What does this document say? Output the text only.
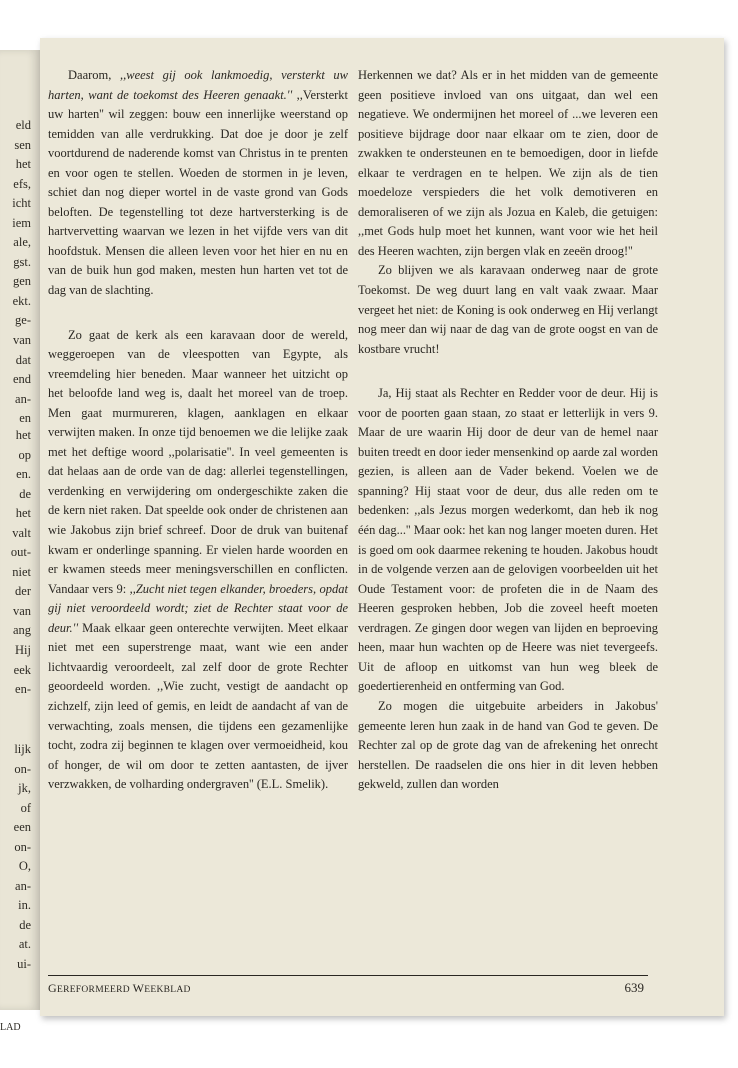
eld
sen
het
efs,
icht
iem
ale,
gst.
gen
ekt.
ge-
van
dat
end
an-
en
het
op
en.
de
het
valt
out-
niet
der
van
ang
Hij
eek
en-
lijk
on-
jk,
of
een
on-
O,
an-
in.
de
at.
ui-
LAD

Daarom, ,,weest gij ook lankmoedig, versterkt uw harten, want de toekomst des Heeren genaakt.'' ,,Versterkt uw harten'' wil zeggen: bouw een innerlijke weerstand op temidden van alle verdrukking. Dat doe je door je zelf voortdurend de naderende komst van Christus in te prenten en voor ogen te stellen. Woeden de stormen in je leven, schiet dan nog dieper wortel in de vaste grond van Gods beloften. De tegenstelling tot deze hartversterking is de hartvervetting waarvan we lezen in het vijfde vers van dit hoofdstuk. Mensen die alleen leven voor het hier en nu en van de buik hun god maken, mesten hun harten vet tot de dag van de slachting.

Zo gaat de kerk als een karavaan door de wereld, weggeroepen van de vleespotten van Egypte, als vreemdeling hier beneden. Maar wanneer het uitzicht op het beloofde land weg is, daalt het moreel van de troep. Men gaat murmureren, klagen, aanklagen en elkaar verwijten maken. In onze tijd benoemen we die lelijke zaak met het deftige woord ,,polarisatie''. In veel gemeenten is dat helaas aan de orde van de dag: allerlei tegenstellingen, verdenking en verwijdering om ondergeschikte zaken die de kern niet raken. Dat speelde ook onder de christenen aan wie Jakobus zijn brief schreef. Door de druk van buitenaf kwam er onderlinge spanning. Er vielen harde woorden en er kwamen steeds meer meningsverschillen en conflicten. Vandaar vers 9: ,,Zucht niet tegen elkander, broeders, opdat gij niet veroordeeld wordt; ziet de Rechter staat voor de deur.'' Maak elkaar geen onterechte verwijten. Meet elkaar niet met een superstrenge maat, want wie een ander lichtvaardig veroordeelt, zal zelf door de grote Rechter geoordeeld worden. ,,Wie zucht, vestigt de aandacht op zichzelf, zijn leed of gemis, en leidt de aandacht af van de verwachting, zoals mensen, die tijdens een gezamenlijke tocht, zodra zij beginnen te klagen over vermoeidheid, kou of honger, de wil om door te zetten aantasten, de ijver verzwakken, de volharding ondergraven'' (E.L. Smelik).

Herkennen we dat? Als er in het midden van de gemeente geen positieve invloed van ons uitgaat, dan wel een negatieve. We ondermijnen het moreel of ...we leveren een positieve bijdrage door naar elkaar om te zien, door de zwakken te ondersteunen en te bemoedigen, door in liefde elkaar te verdragen en te helpen. We zijn als de tien moedeloze verspieders die het volk demotiveren en demoraliseren of we zijn als Jozua en Kaleb, die getuigen: ,,met Gods hulp moet het kunnen, want voor wie het heil des Heeren wachten, zijn bergen vlak en zeeën droog!''

Zo blijven we als karavaan onderweg naar de grote Toekomst. De weg duurt lang en valt vaak zwaar. Maar vergeet het niet: de Koning is ook onderweg en Hij verlangt nog meer dan wij naar de dag van de grote oogst en van de kostbare vrucht!

Ja, Hij staat als Rechter en Redder voor de deur. Hij is voor de poorten gaan staan, zo staat er letterlijk in vers 9. Maar de ure waarin Hij door de deur van de hemel naar buiten treedt en door ieder mensenkind op aarde zal worden gezien, is alleen aan de Vader bekend. Voelen we de spanning? Hij staat voor de deur, dus alle reden om te bedenken: ,,als Jezus morgen wederkomt, dan heb ik nog één dag...'' Maar ook: het kan nog langer moeten duren. Het is goed om ook daarmee rekening te houden. Jakobus houdt in de volgende verzen aan de gelovigen voorbeelden uit het Oude Testament voor: de profeten die in de Naam des Heeren gesproken hebben, Job die zoveel heeft moeten verdragen. Ze gingen door wegen van lijden en beproeving heen, maar hun wachten op de Heere was niet tevergeefs. Uit de afloop en uitkomst van hun weg bleek de goedertierenheid en ontferming van God.

Zo mogen die uitgebuite arbeiders in Jakobus' gemeente leren hun zaak in de hand van God te geven. De Rechter zal op de grote dag van de afrekening het onrecht herstellen. De raadselen die ons hier in dit leven hebben gekweld, zullen dan worden

GEREFORMEERD WEEKBLAD	639
